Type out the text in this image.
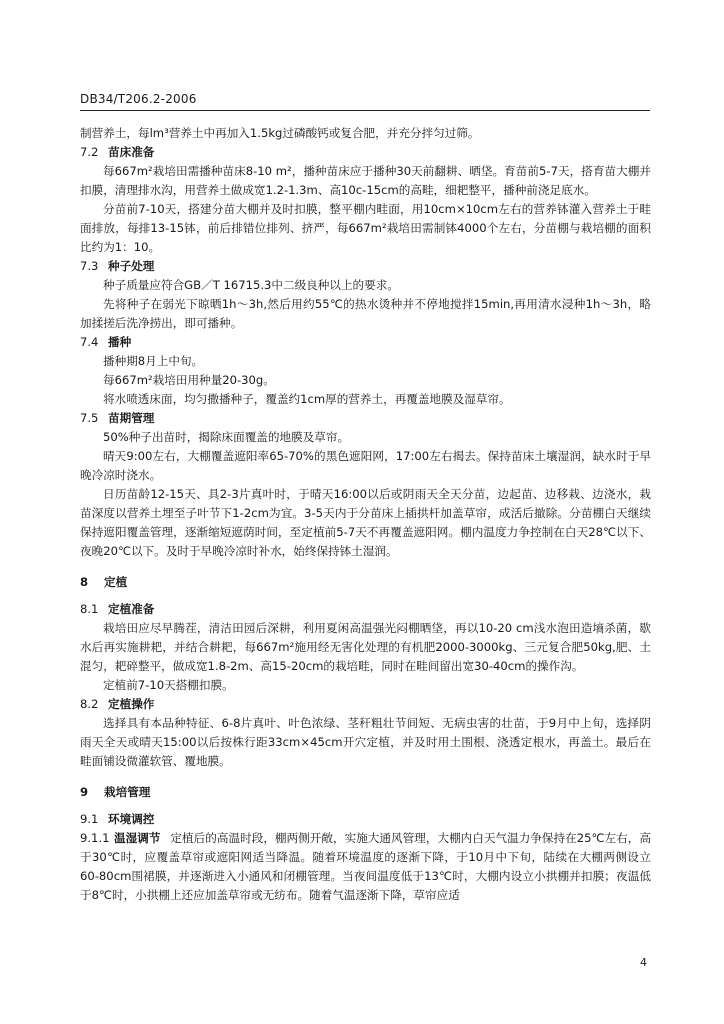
DB34/T206.2-2006

制营养土，每lm³营养土中再加入1.5kg过磷酸钙或复合肥，并充分拌匀过筛。

7.2 苗床准备

每667m²栽培田需播种苗床8-10 m²，播种苗床应于播种30天前翻耕、晒垡。育苗前5-7天，搭育苗大棚并扣膜，清理排水沟，用营养土做成宽1.2-1.3m、高10c-15cm的高畦，细耙整平，播种前浇足底水。

分苗前7-10天，搭建分苗大棚并及时扣膜，整平棚内畦面，用10cm×10cm左右的营养钵灌入营养土于畦面排放，每排13-15钵，前后排错位排列、挤严，每667m²栽培田需制钵4000个左右，分苗棚与栽培棚的面积比约为1：10。

7.3 种子处理

种子质量应符合GB／T 16715.3中二级良种以上的要求。

先将种子在弱光下晾晒1h～3h,然后用约55℃的热水烫种并不停地搅拌15min,再用清水浸种1h～3h，略加揉搓后洗净捞出，即可播种。

7.4 播种

播种期8月上中旬。

每667m²栽培田用种量20-30g。

将水喷透床面，均匀撒播种子，覆盖约1cm厚的营养土，再覆盖地膜及湿草帘。

7.5 苗期管理

50%种子出苗时，揭除床面覆盖的地膜及草帘。

晴天9:00左右，大棚覆盖遮阳率65-70%的黑色遮阳网，17:00左右揭去。保持苗床土壤湿润，缺水时于早晚冷凉时浇水。

日历苗龄12-15天、具2-3片真叶时，于晴天16:00以后或阴雨天全天分苗，边起苗、边移栽、边浇水，栽苗深度以营养土埋至子叶节下1-2cm为宜。3-5天内于分苗床上插拱杆加盖草帘，成活后撤除。分苗棚白天继续保持遮阳覆盖管理，逐渐缩短遮荫时间，至定植前5-7天不再覆盖遮阳网。棚内温度力争控制在白天28℃以下、夜晚20℃以下。及时于早晚冷凉时补水，始终保持钵土湿润。

8 定植
8.1 定植准备

栽培田应尽早腾茬，清洁田园后深耕，利用夏闲高温强光闷棚晒垡，再以10-20 cm浅水泡田造墒杀菌，歇水后再实施耕耙，并结合耕耙，每667m²施用经无害化处理的有机肥2000-3000kg、三元复合肥50kg,肥、土混匀，耙碎整平，做成宽1.8-2m、高15-20cm的栽培畦，同时在畦间留出宽30-40cm的操作沟。

定植前7-10天搭棚扣膜。

8.2 定植操作

选择具有本品种特征、6-8片真叶、叶色浓绿、茎秆粗壮节间短、无病虫害的壮苗，于9月中上旬，选择阴雨天全天或晴天15:00以后按株行距33cm×45cm开穴定植，并及时用土围根、浇透定根水，再盖土。最后在畦面铺设微灌软管、覆地膜。

9 栽培管理
9.1 环境调控

9.1.1 温湿调节 定植后的高温时段，棚两侧开敞，实施大通风管理，大棚内白天气温力争保持在25℃左右，高于30℃时，应覆盖草帘或遮阳网适当降温。随着环境温度的逐渐下降，于10月中下旬，陆续在大棚两侧设立60-80cm围裙膜，并逐渐进入小通风和闭棚管理。当夜间温度低于13℃时，大棚内设立小拱棚并扣膜；夜温低于8℃时，小拱棚上还应加盖草帘或无纺布。随着气温逐渐下降，草帘应适

4
